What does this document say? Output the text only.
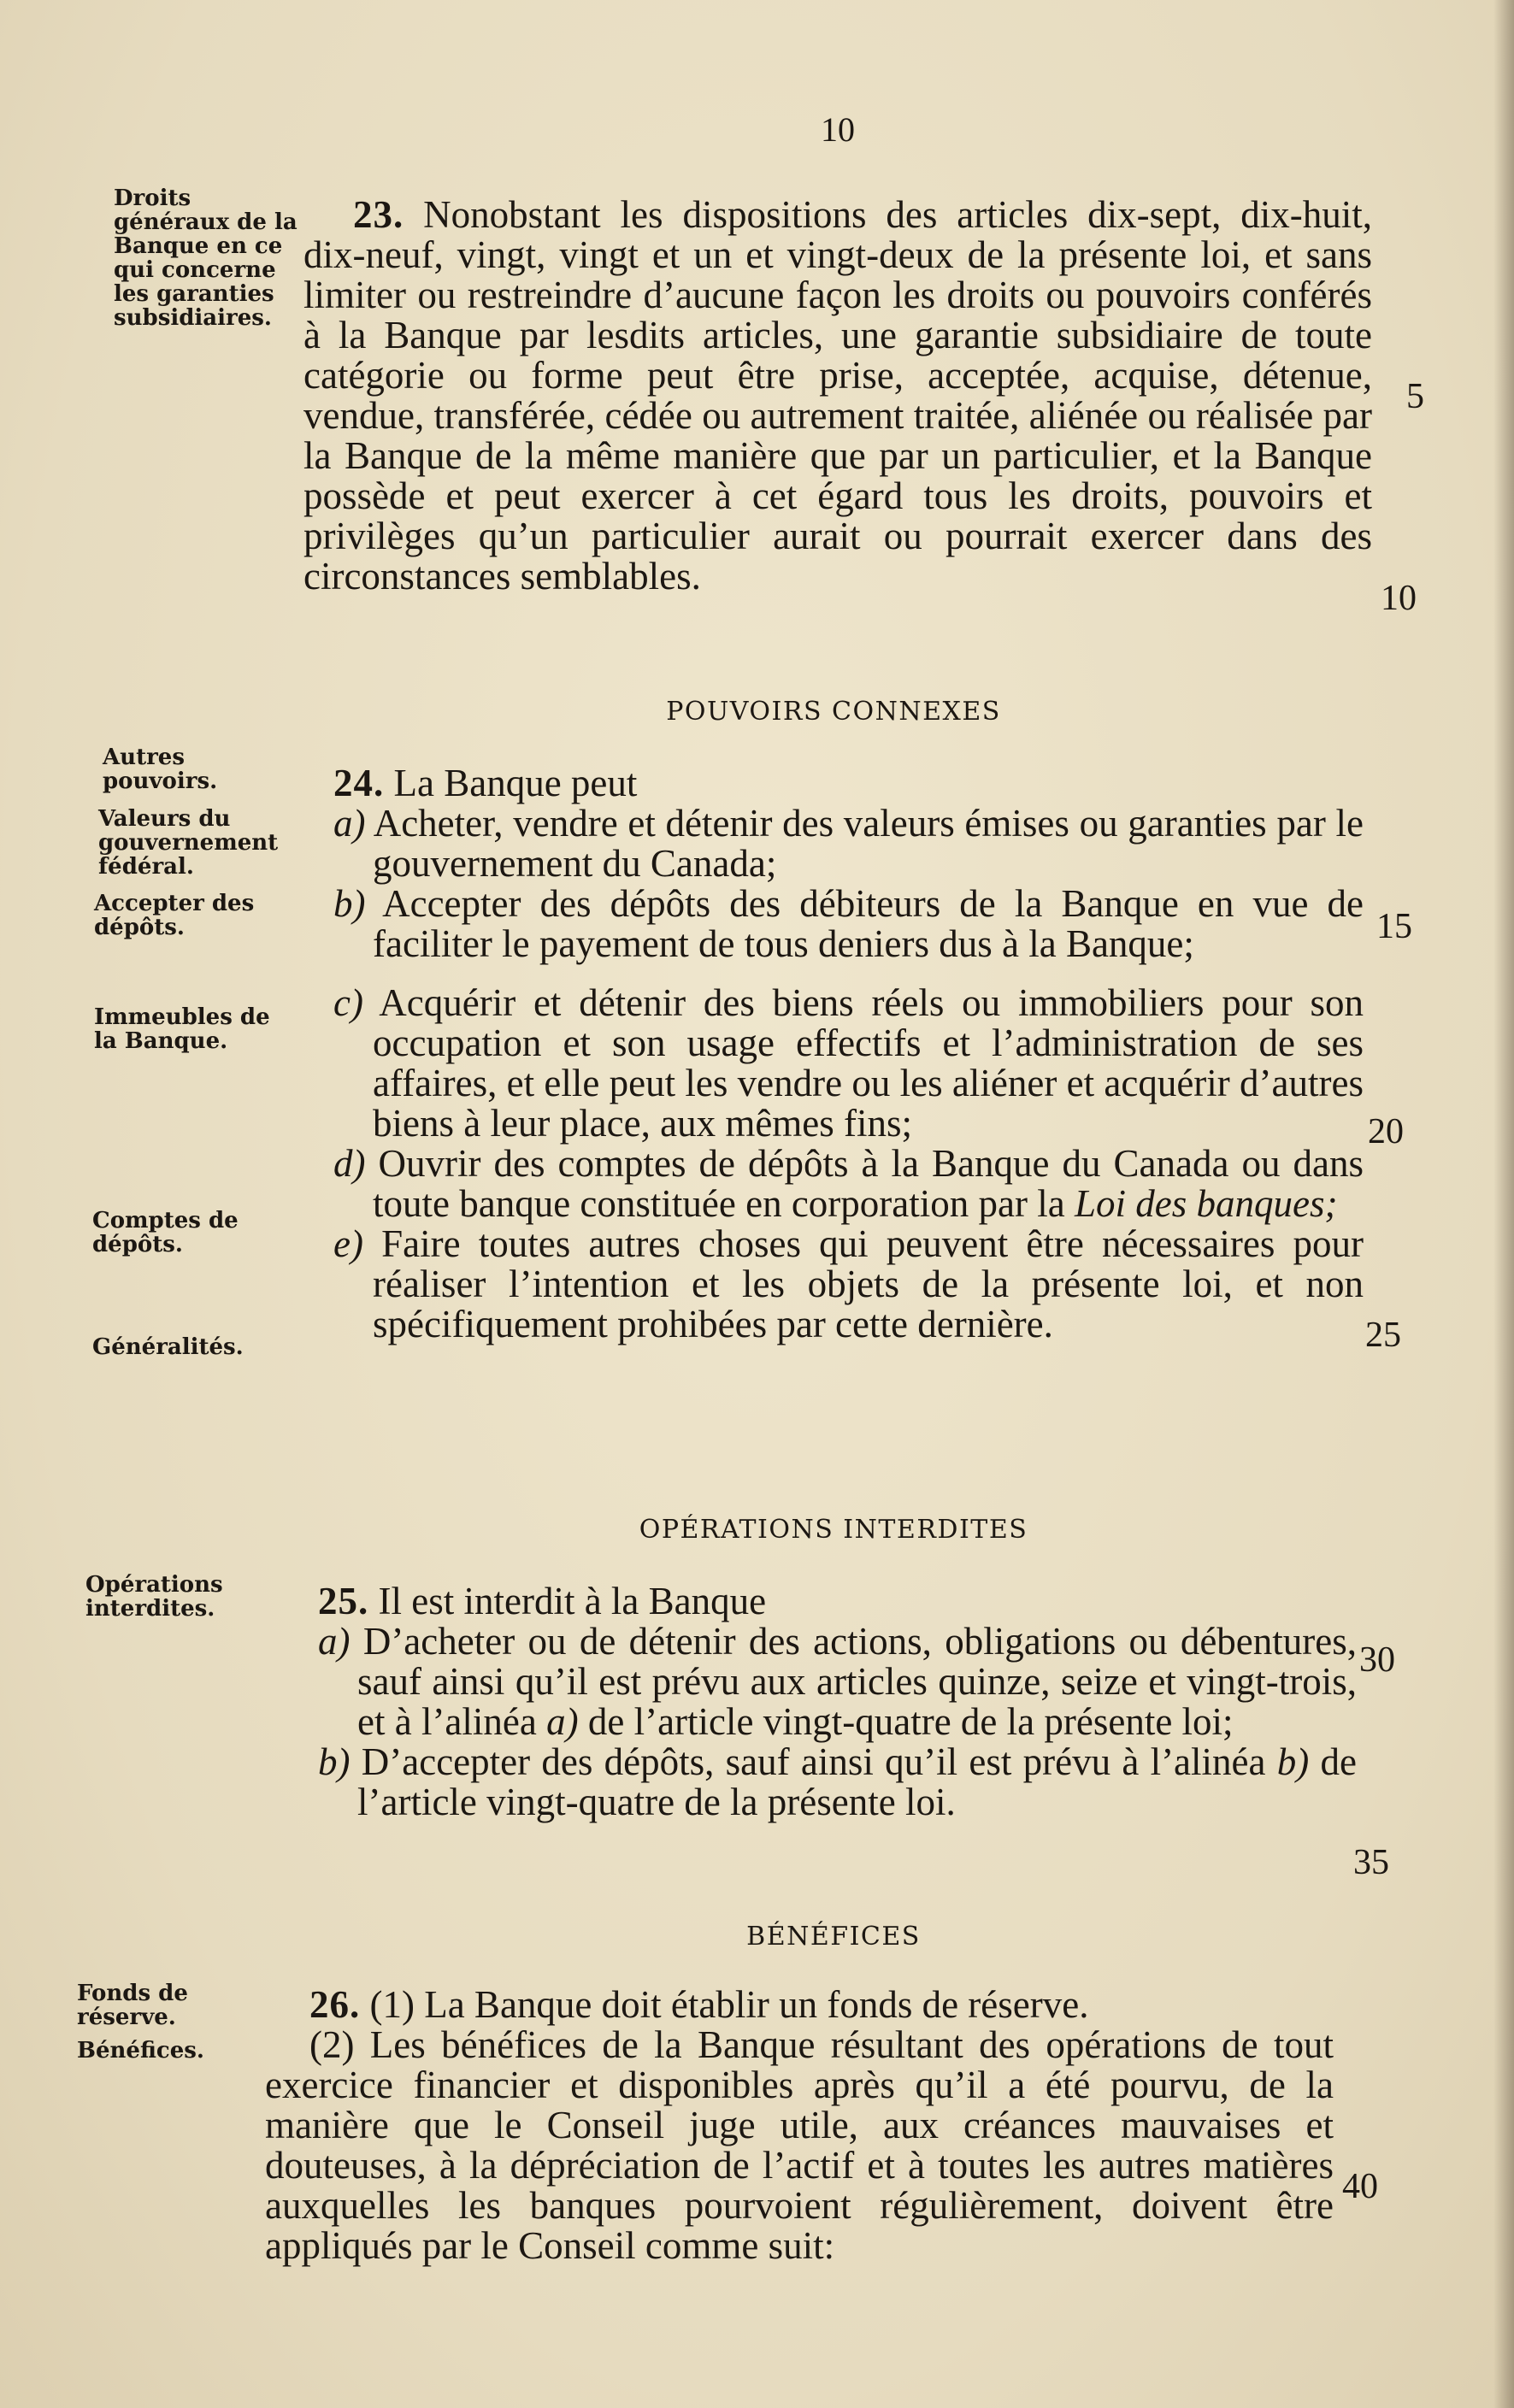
10
Droits généraux de la Banque en ce qui concerne les garanties subsidiaires.
Autres pouvoirs.
Valeurs du gouvernement fédéral.
Accepter des dépôts.
Immeubles de la Banque.
Comptes de dépôts.
Généralités.
Opérations interdites.
Fonds de réserve.
Bénéfices.

23. Nonobstant les dispositions des articles dix-sept, dix-huit, dix-neuf, vingt, vingt et un et vingt-deux de la présente loi, et sans limiter ou restreindre d’aucune façon les droits ou pouvoirs conférés à la Banque par lesdits articles, une garantie subsidiaire de toute catégorie ou forme peut être prise, acceptée, acquise, détenue, vendue, transférée, cédée ou autrement traitée, aliénée ou réalisée par la Banque de la même manière que par un particulier, et la Banque possède et peut exercer à cet égard tous les droits, pouvoirs et privilèges qu’un particulier aurait ou pourrait exercer dans des circonstances semblables.

POUVOIRS CONNEXES

24. La Banque peut

a) Acheter, vendre et détenir des valeurs émises ou garanties par le gouvernement du Canada;

b) Accepter des dépôts des débiteurs de la Banque en vue de faciliter le payement de tous deniers dus à la Banque;

c) Acquérir et détenir des biens réels ou immobiliers pour son occupation et son usage effectifs et l’administration de ses affaires, et elle peut les vendre ou les aliéner et acquérir d’autres biens à leur place, aux mêmes fins;

d) Ouvrir des comptes de dépôts à la Banque du Canada ou dans toute banque constituée en corporation par la Loi des banques;

e) Faire toutes autres choses qui peuvent être nécessaires pour réaliser l’intention et les objets de la présente loi, et non spécifiquement prohibées par cette dernière.

OPÉRATIONS INTERDITES

25. Il est interdit à la Banque

a) D’acheter ou de détenir des actions, obligations ou débentures, sauf ainsi qu’il est prévu aux articles quinze, seize et vingt-trois, et à l’alinéa a) de l’article vingt-quatre de la présente loi;

b) D’accepter des dépôts, sauf ainsi qu’il est prévu à l’alinéa b) de l’article vingt-quatre de la présente loi.

BÉNÉFICES

26. (1) La Banque doit établir un fonds de réserve.

(2) Les bénéfices de la Banque résultant des opérations de tout exercice financier et disponibles après qu’il a été pourvu, de la manière que le Conseil juge utile, aux créances mauvaises et douteuses, à la dépréciation de l’actif et à toutes les autres matières auxquelles les banques pourvoient régulièrement, doivent être appliqués par le Conseil comme suit:

5
10
15
20
25
30
35
40
